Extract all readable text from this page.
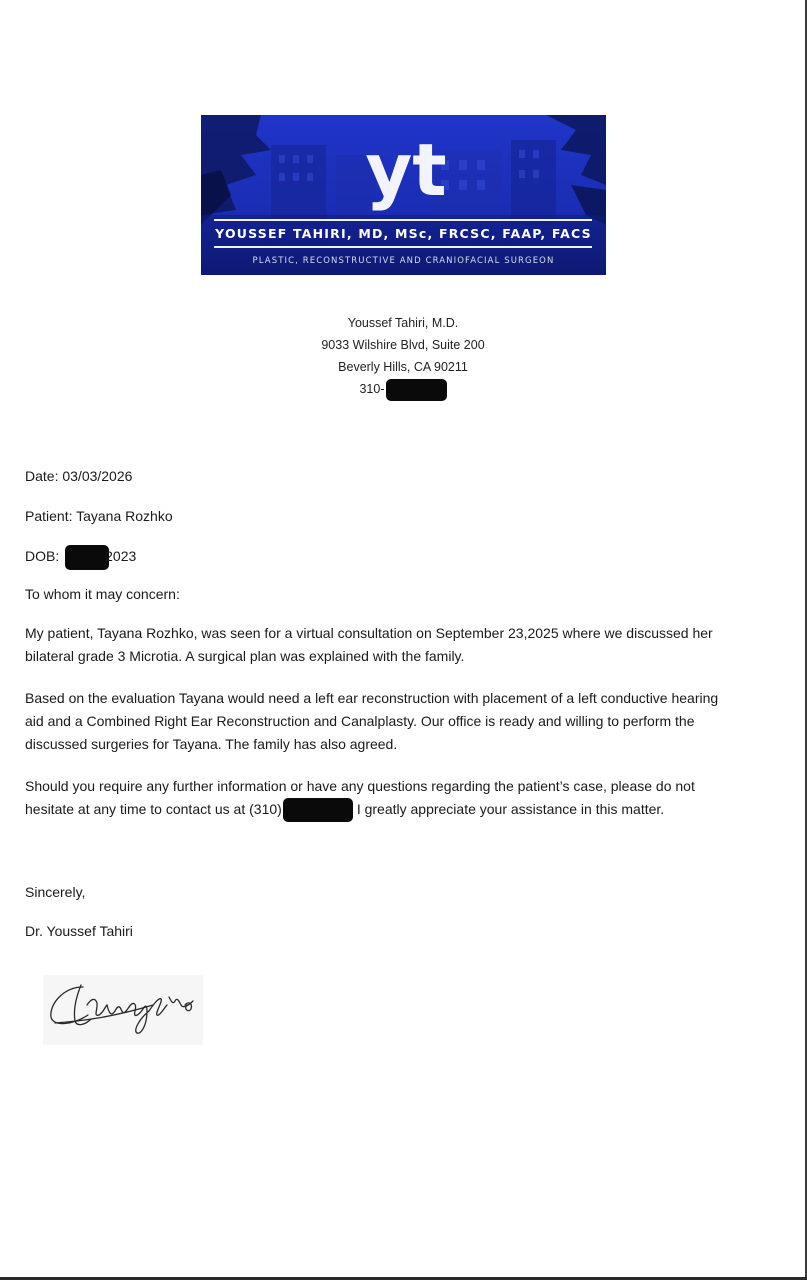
yt
YOUSSEF TAHIRI, MD, MSc, FRCSC, FAAP, FACS
PLASTIC, RECONSTRUCTIVE AND CRANIOFACIAL SURGEON
Youssef Tahiri, M.D.
9033 Wilshire Blvd, Suite 200
Beverly Hills, CA 90211
310-
Date: 03/03/2026
Patient: Tayana Rozhko
DOB:	2023
To whom it may concern:
My patient, Tayana Rozhko, was seen for a virtual consultation on September 23,2025 where we discussed her
bilateral grade 3 Microtia. A surgical plan was explained with the family.
Based on the evaluation Tayana would need a left ear reconstruction with placement of a left conductive hearing
aid and a Combined Right Ear Reconstruction and Canalplasty. Our office is ready and willing to perform the
discussed surgeries for Tayana. The family has also agreed.
Should you require any further information or have any questions regarding the patient’s case, please do not
hesitate at any time to contact us at (310)	I greatly appreciate your assistance in this matter.
Sincerely,
Dr. Youssef Tahiri
